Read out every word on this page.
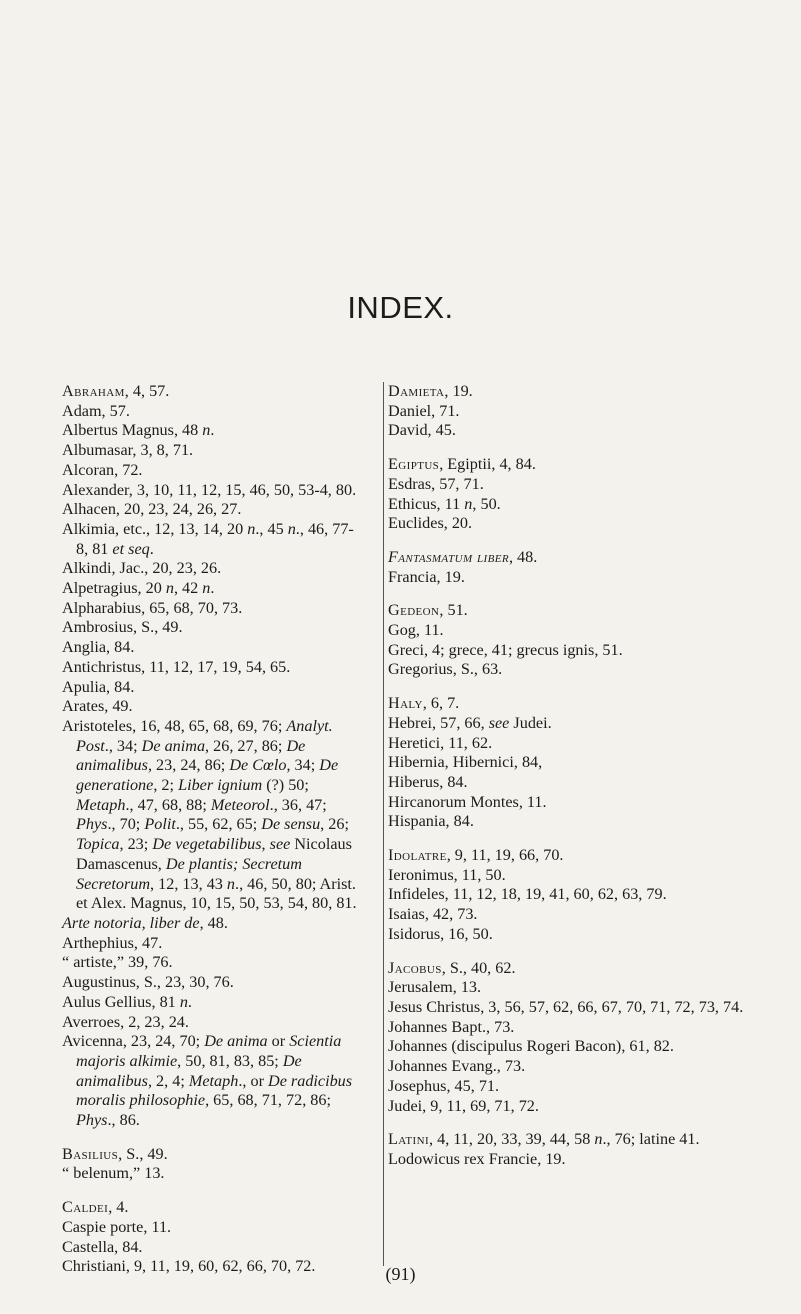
INDEX.
Abraham, 4, 57.
Adam, 57.
Albertus Magnus, 48 n.
Albumasar, 3, 8, 71.
Alcoran, 72.
Alexander, 3, 10, 11, 12, 15, 46, 50, 53-4, 80.
Alhacen, 20, 23, 24, 26, 27.
Alkimia, etc., 12, 13, 14, 20 n., 45 n., 46, 77-8, 81 et seq.
Alkindi, Jac., 20, 23, 26.
Alpetragius, 20 n, 42 n.
Alpharabius, 65, 68, 70, 73.
Ambrosius, S., 49.
Anglia, 84.
Antichristus, 11, 12, 17, 19, 54, 65.
Apulia, 84.
Arates, 49.
Aristoteles, 16, 48, 65, 68, 69, 76; Analyt. Post., 34; De anima, 26, 27, 86; De animalibus, 23, 24, 86; De Cœlo, 34; De generatione, 2; Liber ignium (?) 50; Metaph., 47, 68, 88; Meteorol., 36, 47; Phys., 70; Polit., 55, 62, 65; De sensu, 26; Topica, 23; De vegetabilibus, see Nicolaus Damascenus, De plantis; Secretum Secretorum, 12, 13, 43 n., 46, 50, 80; Arist. et Alex. Magnus, 10, 15, 50, 53, 54, 80, 81.
Arte notoria, liber de, 48.
Arthephius, 47.
“ artiste,” 39, 76.
Augustinus, S., 23, 30, 76.
Aulus Gellius, 81 n.
Averroes, 2, 23, 24.
Avicenna, 23, 24, 70; De anima or Scientia majoris alkimie, 50, 81, 83, 85; De animalibus, 2, 4; Metaph., or De radicibus moralis philosophie, 65, 68, 71, 72, 86; Phys., 86.
Basilius, S., 49.
“ belenum,” 13.
Caldei, 4.
Caspie porte, 11.
Castella, 84.
Christiani, 9, 11, 19, 60, 62, 66, 70, 72.
Damieta, 19.
Daniel, 71.
David, 45.
Egiptus, Egiptii, 4, 84.
Esdras, 57, 71.
Ethicus, 11 n, 50.
Euclides, 20.
Fantasmatum liber, 48.
Francia, 19.
Gedeon, 51.
Gog, 11.
Greci, 4; grece, 41; grecus ignis, 51.
Gregorius, S., 63.
Haly, 6, 7.
Hebrei, 57, 66, see Judei.
Heretici, 11, 62.
Hibernia, Hibernici, 84,
Hiberus, 84.
Hircanorum Montes, 11.
Hispania, 84.
Idolatre, 9, 11, 19, 66, 70.
Ieronimus, 11, 50.
Infideles, 11, 12, 18, 19, 41, 60, 62, 63, 79.
Isaias, 42, 73.
Isidorus, 16, 50.
Jacobus, S., 40, 62.
Jerusalem, 13.
Jesus Christus, 3, 56, 57, 62, 66, 67, 70, 71, 72, 73, 74.
Johannes Bapt., 73.
Johannes (discipulus Rogeri Bacon), 61, 82.
Johannes Evang., 73.
Josephus, 45, 71.
Judei, 9, 11, 69, 71, 72.
Latini, 4, 11, 20, 33, 39, 44, 58 n., 76; latine 41.
Lodowicus rex Francie, 19.
(91)
